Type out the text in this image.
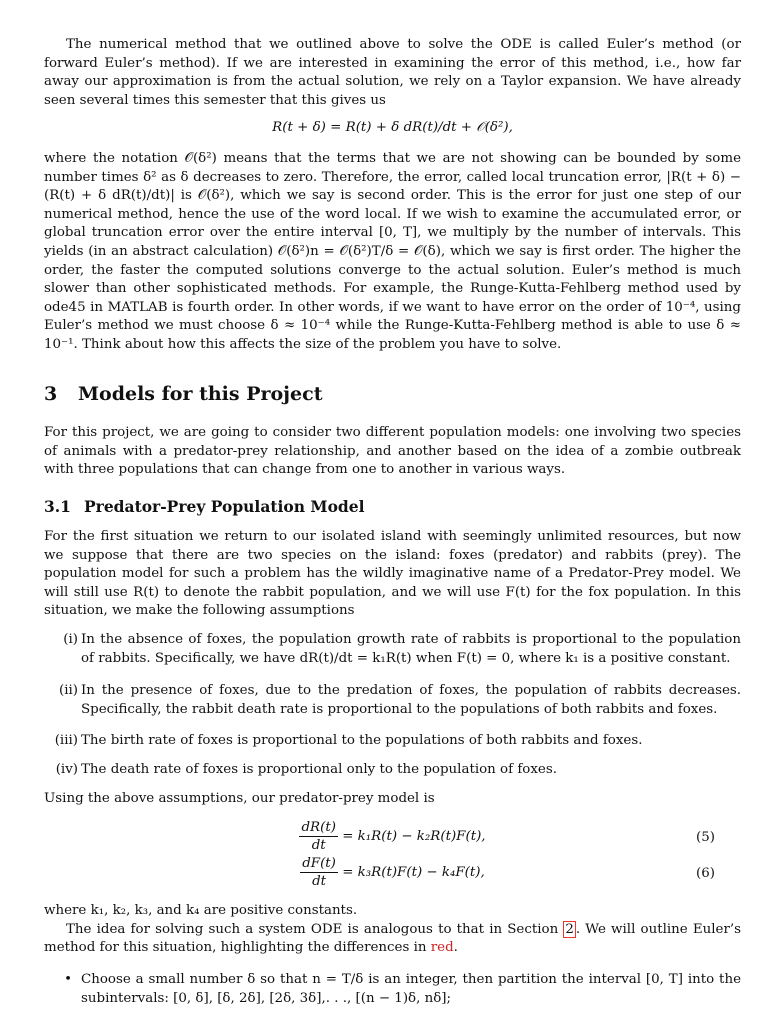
The numerical method that we outlined above to solve the ODE is called Euler’s method (or forward Euler’s method). If we are interested in examining the error of this method, i.e., how far away our approximation is from the actual solution, we rely on a Taylor expansion. We have already seen several times this semester that this gives us

R(t + δ) = R(t) + δ dR(t)/dt + 𝒪(δ²),

where the notation 𝒪(δ²) means that the terms that we are not showing can be bounded by some number times δ² as δ decreases to zero. Therefore, the error, called local truncation error, |R(t + δ) − (R(t) + δ dR(t)/dt)| is 𝒪(δ²), which we say is second order. This is the error for just one step of our numerical method, hence the use of the word local. If we wish to examine the accumulated error, or global truncation error over the entire interval [0, T], we multiply by the number of intervals. This yields (in an abstract calculation) 𝒪(δ²)n = 𝒪(δ²)T/δ = 𝒪(δ), which we say is first order. The higher the order, the faster the computed solutions converge to the actual solution. Euler’s method is much slower than other sophisticated methods. For example, the Runge-Kutta-Fehlberg method used by ode45 in MATLAB is fourth order. In other words, if we want to have error on the order of 10⁻⁴, using Euler’s method we must choose δ ≈ 10⁻⁴ while the Runge-Kutta-Fehlberg method is able to use δ ≈ 10⁻¹. Think about how this affects the size of the problem you have to solve.

3 Models for this Project

For this project, we are going to consider two different population models: one involving two species of animals with a predator-prey relationship, and another based on the idea of a zombie outbreak with three populations that can change from one to another in various ways.

3.1 Predator-Prey Population Model

For the first situation we return to our isolated island with seemingly unlimited resources, but now we suppose that there are two species on the island: foxes (predator) and rabbits (prey). The population model for such a problem has the wildly imaginative name of a Predator-Prey model. We will still use R(t) to denote the rabbit population, and we will use F(t) for the fox population. In this situation, we make the following assumptions

(i) In the absence of foxes, the population growth rate of rabbits is proportional to the population of rabbits. Specifically, we have dR(t)/dt = k₁R(t) when F(t) = 0, where k₁ is a positive constant.
(ii) In the presence of foxes, due to the predation of foxes, the population of rabbits decreases. Specifically, the rabbit death rate is proportional to the populations of both rabbits and foxes.
(iii) The birth rate of foxes is proportional to the populations of both rabbits and foxes.
(iv) The death rate of foxes is proportional only to the population of foxes.

Using the above assumptions, our predator-prey model is

$\frac{dR(t)}{dt} = k_1R(t) - k_2R(t)F(t)$,	(5)
$\frac{dF(t)}{dt} = k_3R(t)F(t) - k_4F(t)$,	(6)

where k₁, k₂, k₃, and k₄ are positive constants.

The idea for solving such a system ODE is analogous to that in Section 2 . We will outline Euler’s method for this situation, highlighting the differences in red.

• Choose a small number δ so that n = T/δ is an integer, then partition the interval [0, T] into the subintervals: [0, δ], [δ, 2δ], [2δ, 3δ],. . ., [(n − 1)δ, nδ];
